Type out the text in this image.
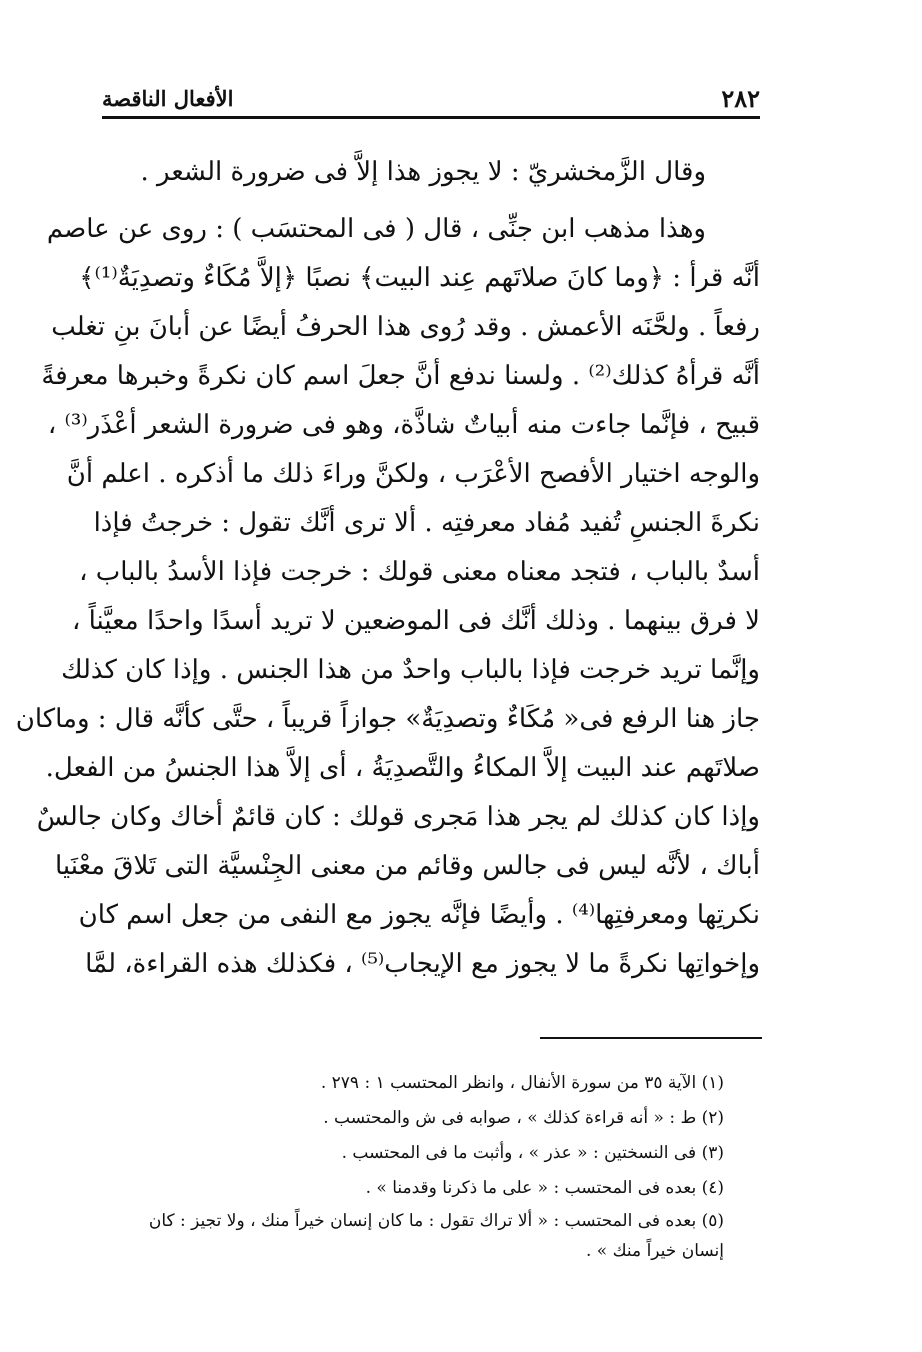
٢٨٢
الأفعال الناقصة
وقال الزَّمخشريّ : لا يجوز هذا إلاَّ فى ضرورة الشعر .
وهذا مذهب ابن جنِّى ، قال ( فى المحتسَب ) : روى عن عاصم
أنَّه قرأ : ﴿وما كانَ صلاتَهم عِند البيت﴾ نصبًا ﴿إلاَّ مُكَاءٌ وتصدِيَةٌ⁽¹⁾﴾
رفعاً . ولحَّنَه الأعمش . وقد رُوى هذا الحرفُ أيضًا عن أبانَ بنِ تغلب
أنَّه قرأهُ كذلك⁽²⁾ . ولسنا ندفع أنَّ جعلَ اسم كان نكرةً وخبرها معرفةً
قبيح ، فإنَّما جاءت منه أبياتٌ شاذَّة، وهو فى ضرورة الشعر أعْذَر⁽³⁾ ،
والوجه اختيار الأفصح الأعْرَب ، ولكنَّ وراءَ ذلك ما أذكره . اعلم أنَّ
نكرةَ الجنسِ تُفيد مُفاد معرفتِه . ألا ترى أنَّك تقول : خرجتُ فإذا
أسدٌ بالباب ، فتجد معناه معنى قولك : خرجت فإذا الأسدُ بالباب ،
لا فرق بينهما . وذلك أنَّك فى الموضعين لا تريد أسدًا واحدًا معيَّناً ،
وإنَّما تريد خرجت فإذا بالباب واحدٌ من هذا الجنس . وإذا كان كذلك
جاز هنا الرفع فى« مُكَاءٌ وتصدِيَةٌ» جوازاً قريباً ، حتَّى كأنَّه قال : وماكان
صلاتَهم عند البيت إلاَّ المكاءُ والتَّصدِيَةُ ، أى إلاَّ هذا الجنسُ من الفعل.
وإذا كان كذلك لم يجر هذا مَجرى قولك : كان قائمٌ أخاك وكان جالسٌ
أباك ، لأنَّه ليس فى جالس وقائم من معنى الجِنْسيَّة التى تَلاقَ معْنَيا
نكرتِها ومعرفتِها⁽⁴⁾ . وأيضًا فإنَّه يجوز مع النفى من جعل اسم كان
وإخواتِها نكرةً ما لا يجوز مع الإيجاب⁽⁵⁾ ، فكذلك هذه القراءة، لمَّا
(١) الآية ٣٥ من سورة الأنفال ، وانظر المحتسب ١ : ٢٧٩ .
(٢) ط : « أنه قراءة كذلك » ، صوابه فى ش والمحتسب .
(٣) فى النسختين : « عذر » ، وأثبت ما فى المحتسب .
(٤) بعده فى المحتسب : « على ما ذكرنا وقدمنا » .
(٥) بعده فى المحتسب : « ألا تراك تقول : ما كان إنسان خيراً منك ، ولا تجيز : كان إنسان خيراً منك » .
